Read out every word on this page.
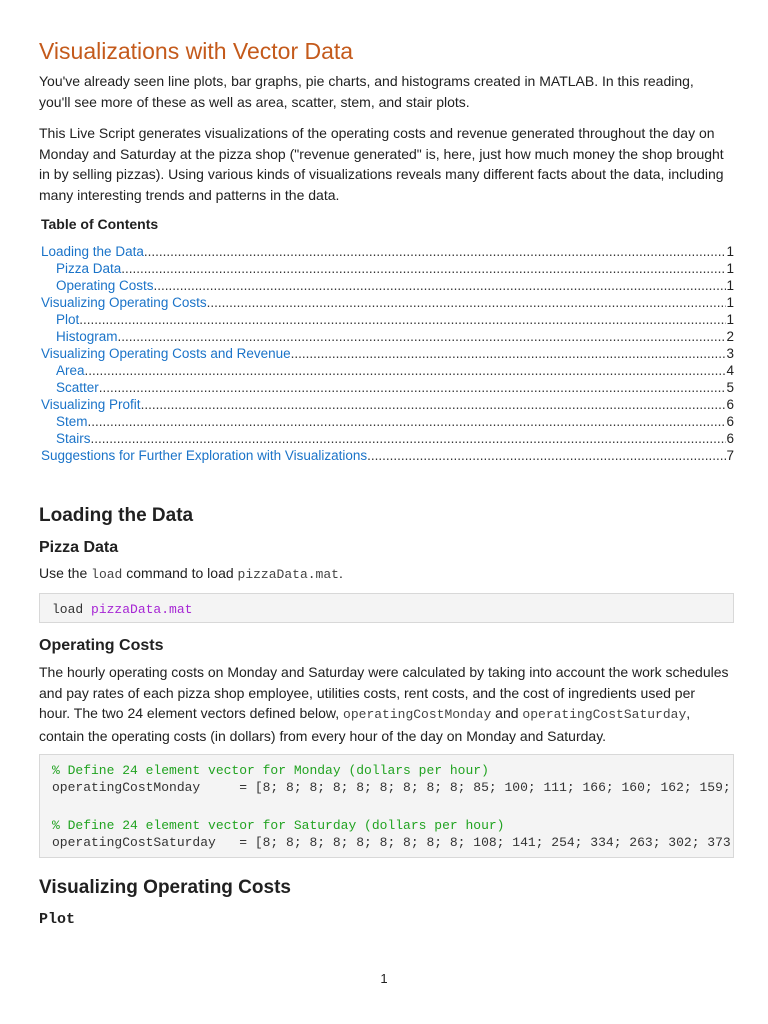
Visualizations with Vector Data

You've already seen line plots, bar graphs, pie charts, and histograms created in MATLAB. In this reading, you'll see more of these as well as area, scatter, stem, and stair plots.

This Live Script generates visualizations of the operating costs and revenue generated throughout the day on Monday and Saturday at the pizza shop ("revenue generated" is, here, just how much money the shop brought in by selling pizzas). Using various kinds of visualizations reveals many different facts about the data, including many interesting trends and patterns in the data.

Table of Contents
Loading the Data .....	1
Pizza Data .....	1
Operating Costs .....	1
Visualizing Operating Costs .....	1
Plot .....	1
Histogram .....	2
Visualizing Operating Costs and Revenue .....	3
Area .....	4
Scatter .....	5
Visualizing Profit .....	6
Stem .....	6
Stairs .....	6
Suggestions for Further Exploration with Visualizations .....	7
Loading the Data
Pizza Data

Use the load command to load pizzaData.mat.

load pizzaData.mat
Operating Costs

The hourly operating costs on Monday and Saturday were calculated by taking into account the work schedules and pay rates of each pizza shop employee, utilities costs, rent costs, and the cost of ingredients used per hour. The two 24 element vectors defined below, operatingCostMonday and operatingCostSaturday, contain the operating costs (in dollars) from every hour of the day on Monday and Saturday.

% Define 24 element vector for Monday (dollars per hour)
operatingCostMonday     = [8; 8; 8; 8; 8; 8; 8; 8; 8; 85; 100; 111; 166; 160; 162; 159;
% Define 24 element vector for Saturday (dollars per hour)
operatingCostSaturday   = [8; 8; 8; 8; 8; 8; 8; 8; 8; 108; 141; 254; 334; 263; 302; 373
Visualizing Operating Costs
Plot
1
